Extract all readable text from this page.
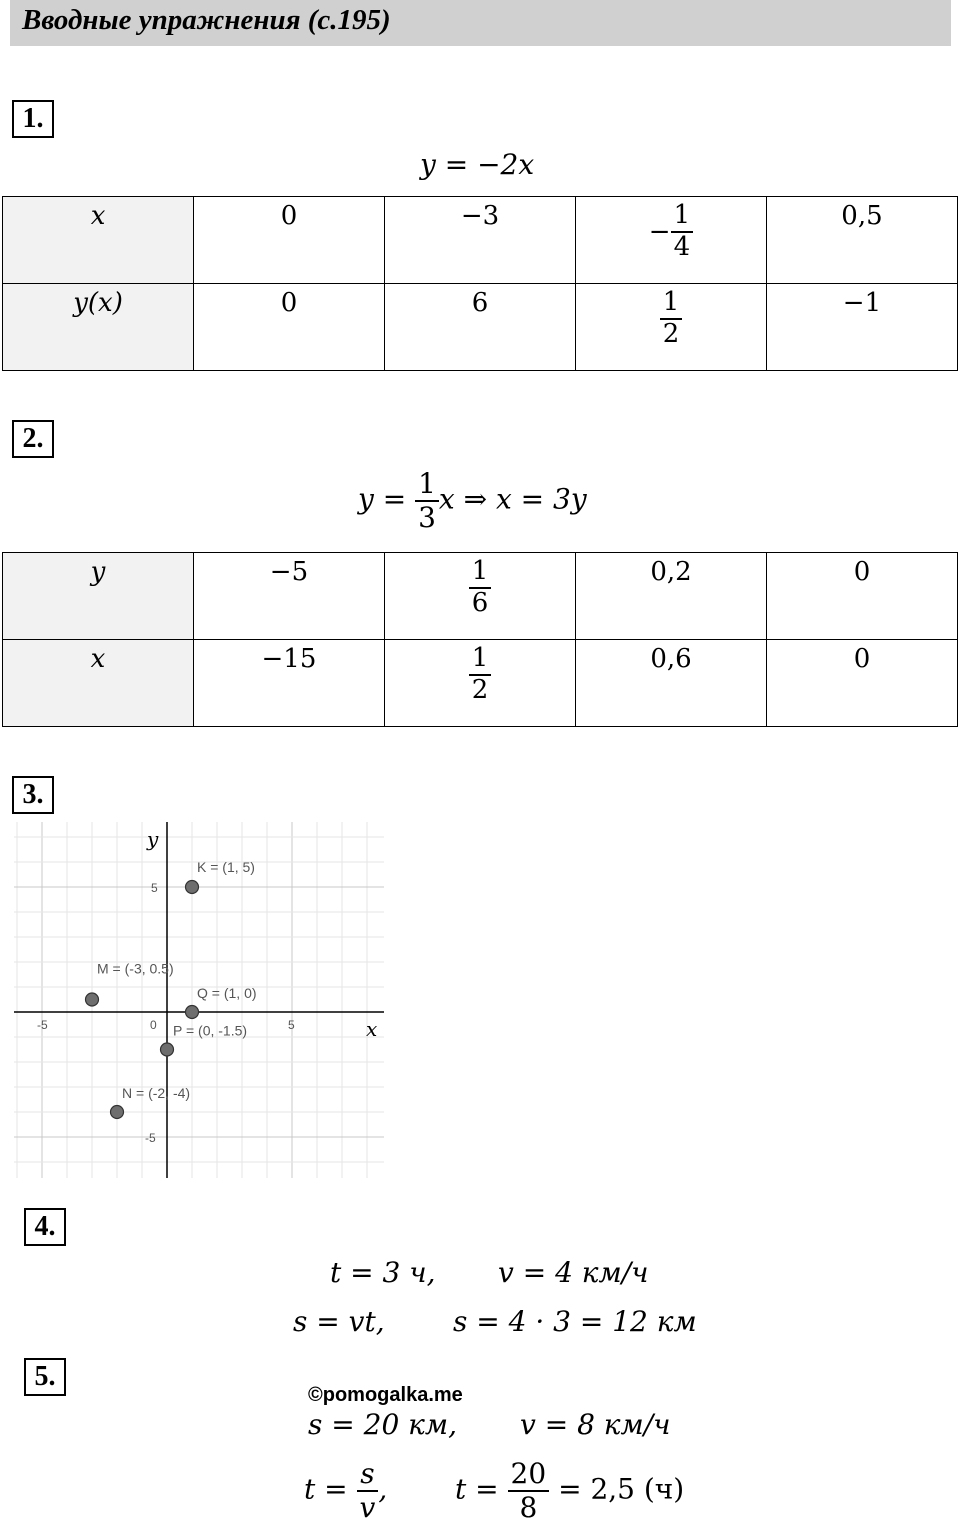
Вводные упражнения (с.195)
1.
y = −2x
x	0	−3	− $\frac{1}{4}$	0,5
y(x)	0	6	$\frac{1}{2}$	−1
2.
$y = \frac{1}{3}$ x ⇒ x = 3y
y	−5	$\frac{1}{6}$	0,2	0
x	−15	$\frac{1}{2}$	0,6	0
3.
-5	0	5
5
-5
x
y
K = (1, 5)
M = (-3, 0.5)
Q = (1, 0)
P = (0, -1.5)
N = (-2, -4)
4.
t = 3 ч, v = 4 км/ч
s = vt, s = 4 · 3 = 12 км
5.
©pomogalka.me
s = 20 км, v = 8 км/ч
$t = \frac{s}{v}$ , $t = \frac{20}{8} = 2,5$ (ч)
